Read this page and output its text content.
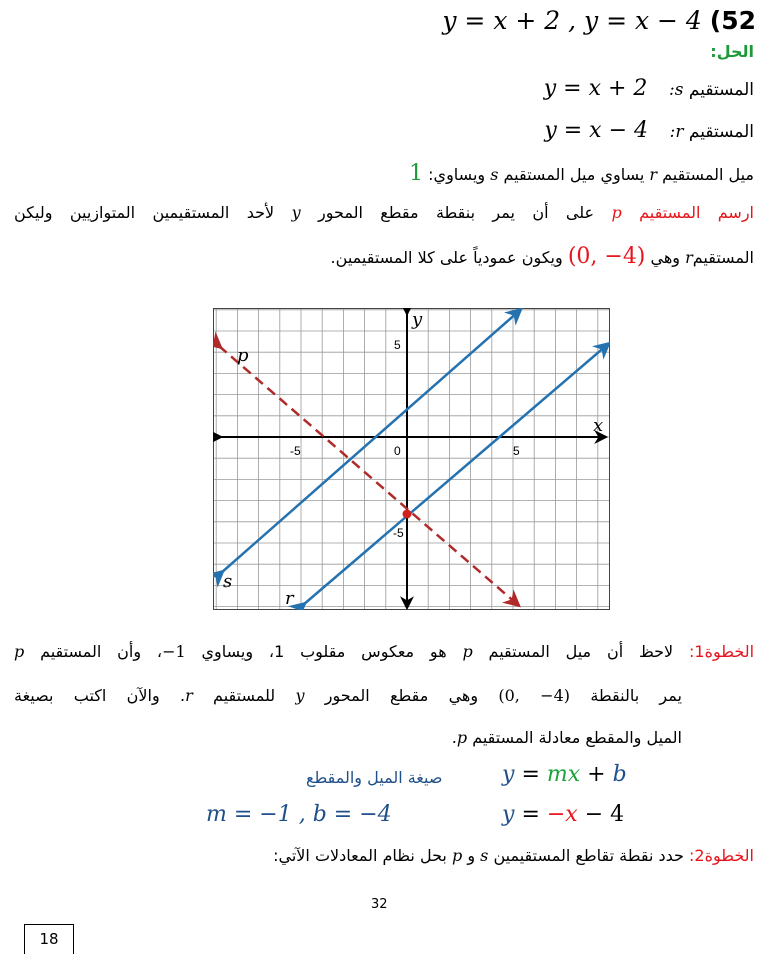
y = x + 2 , y = x − 4 (52
الحل:
المستقيم s:    y = x + 2
المستقيم r:    y = x − 4
ميل المستقيم r يساوي ميل المستقيم s ويساوي: 1
ارسم المستقيم p على أن يمر بنقطة مقطع المحور y لأحد المستقيمين المتوازيين وليكن
المستقيمr وهي (0, −4) ويكون عمودياً على كلا المستقيمين.
x
y
-5	0	5
5
-5
p
s
r
الخطوة1: لاحظ أن ميل المستقيم p هو معكوس مقلوب 1، ويساوي −1، وأن المستقيم p
يمر بالنقطة (0, −4) وهي مقطع المحور y للمستقيم r. والآن اكتب بصيغة
الميل والمقطع معادلة المستقيم p.
صيغة الميل والمقطع	y = mx + b
m = −1 , b = −4	y = −x − 4
الخطوة2: حدد نقطة تقاطع المستقيمين s و p بحل نظام المعادلات الآتي:
32
18
